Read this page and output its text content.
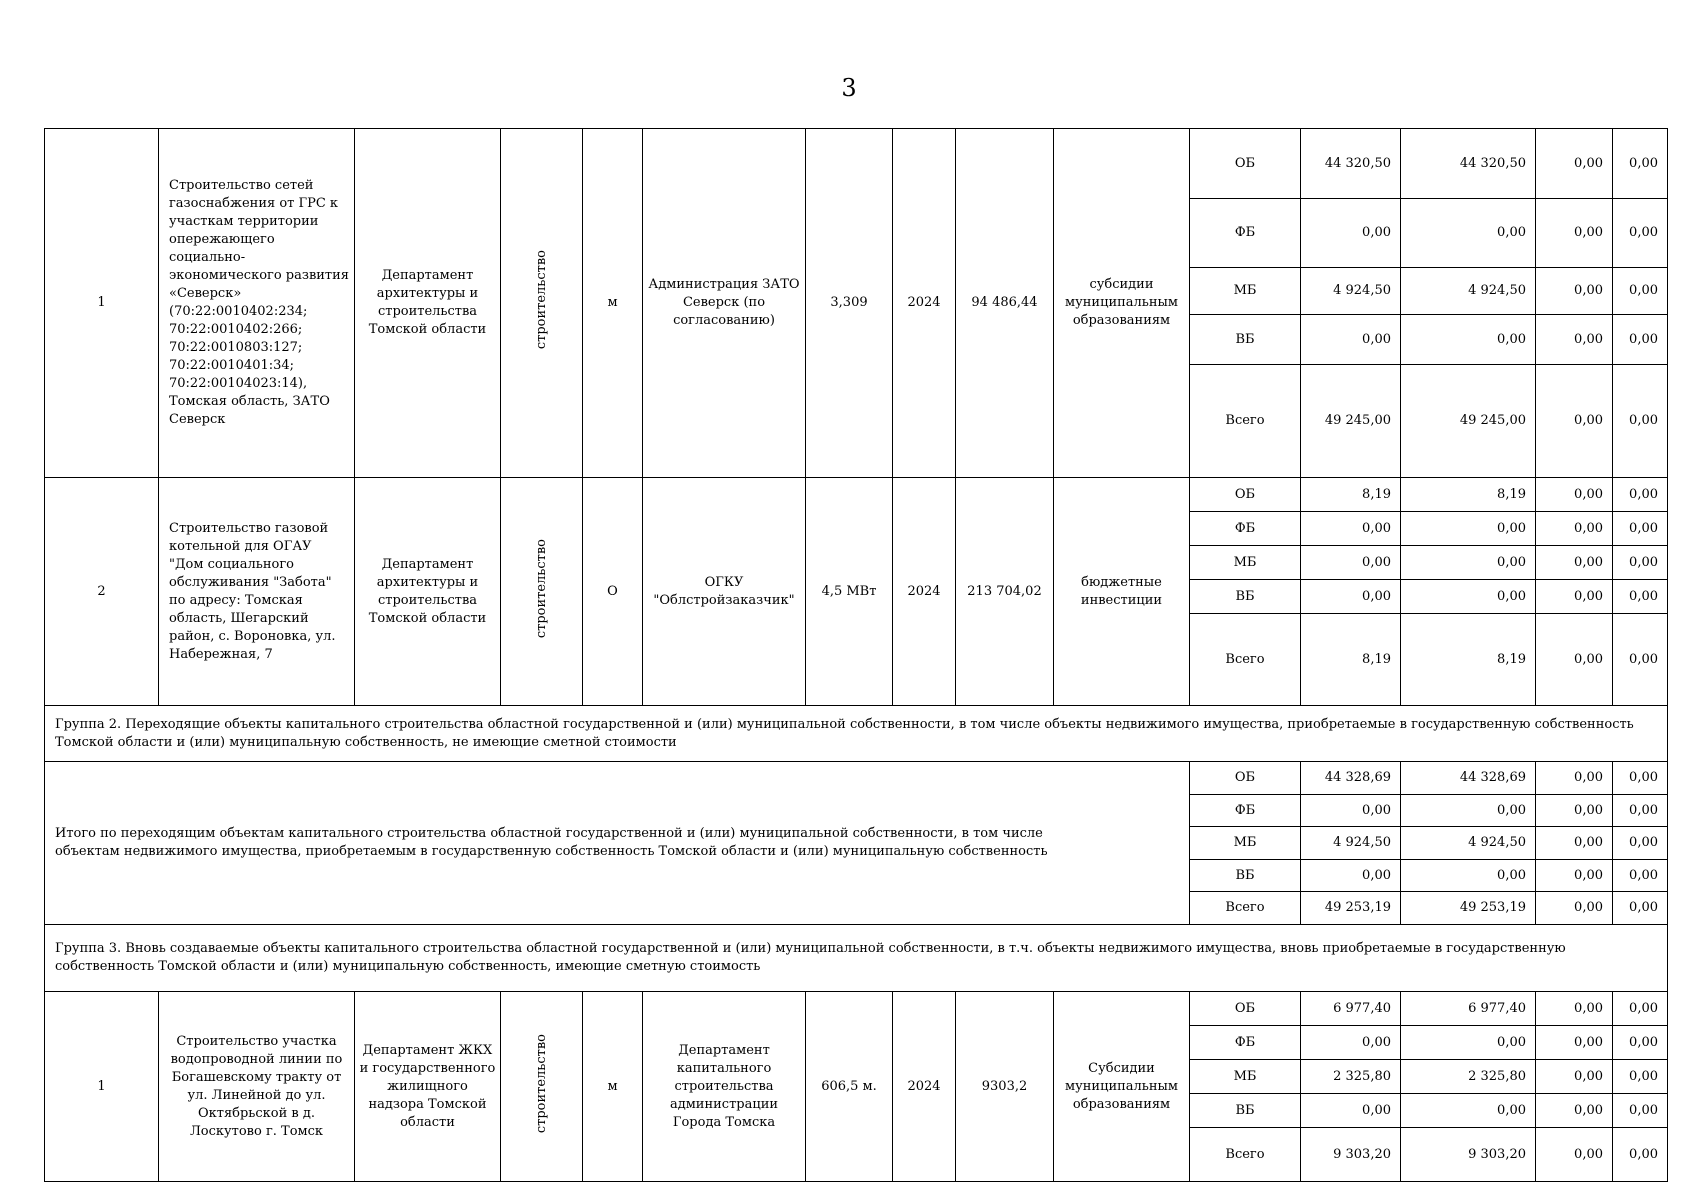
3
1	Строительство сетей газоснабжения от ГРС к участкам территории опережающего социально-экономического развития «Северск» (70:22:0010402:234; 70:22:0010402:266; 70:22:0010803:127; 70:22:0010401:34; 70:22:00104023:14), Томская область, ЗАТО Северск	Департамент архитектуры и строительства Томской области	строительство	м	Администрация ЗАТО Северск (по согласованию)	3,309	2024	94 486,44	субсидии муниципальным образованиям	ОБ	44 320,50	44 320,50	0,00	0,00
										ФБ	0,00	0,00	0,00	0,00
										МБ	4 924,50	4 924,50	0,00	0,00
										ВБ	0,00	0,00	0,00	0,00
										Всего	49 245,00	49 245,00	0,00	0,00
2	Строительство газовой котельной для ОГАУ "Дом социального обслуживания "Забота" по адресу: Томская область, Шегарский район, с. Вороновка, ул. Набережная, 7	Департамент архитектуры и строительства Томской области	строительство	О	ОГКУ "Облстройзаказчик"	4,5 МВт	2024	213 704,02	бюджетные инвестиции	ОБ	8,19	8,19	0,00	0,00
										ФБ	0,00	0,00	0,00	0,00
										МБ	0,00	0,00	0,00	0,00
										ВБ	0,00	0,00	0,00	0,00
										Всего	8,19	8,19	0,00	0,00
Группа 2. Переходящие объекты капитального строительства областной государственной и (или) муниципальной собственности, в том числе объекты недвижимого имущества, приобретаемые в государственную собственность Томской области и (или) муниципальную собственность, не имеющие сметной стоимости														

Итого по переходящим объектам капитального строительства областной государственной и (или) муниципальной собственности, в том числе объектам недвижимого имущества, приобретаемым в государственную собственность Томской области и (или) муниципальную собственность										ОБ	44 328,69	44 328,69	0,00	0,00
										ФБ	0,00	0,00	0,00	0,00
										МБ	4 924,50	4 924,50	0,00	0,00
										ВБ	0,00	0,00	0,00	0,00
										Всего	49 253,19	49 253,19	0,00	0,00
Группа 3. Вновь создаваемые объекты капитального строительства областной государственной и (или) муниципальной собственности, в т.ч. объекты недвижимого имущества, вновь приобретаемые в государственную собственность Томской области и (или) муниципальную собственность, имеющие сметную стоимость														
1	Строительство участка водопроводной линии по Богашевскому тракту от ул. Линейной до ул. Октябрьской в д. Лоскутово г. Томск	Департамент ЖКХ и государственного жилищного надзора Томской области	строительство	м	Департамент капитального строительства администрации Города Томска	606,5 м.	2024	9303,2	Субсидии муниципальным образованиям	ОБ	6 977,40	6 977,40	0,00	0,00
										ФБ	0,00	0,00	0,00	0,00
										МБ	2 325,80	2 325,80	0,00	0,00
										ВБ	0,00	0,00	0,00	0,00
										Всего	9 303,20	9 303,20	0,00	0,00
